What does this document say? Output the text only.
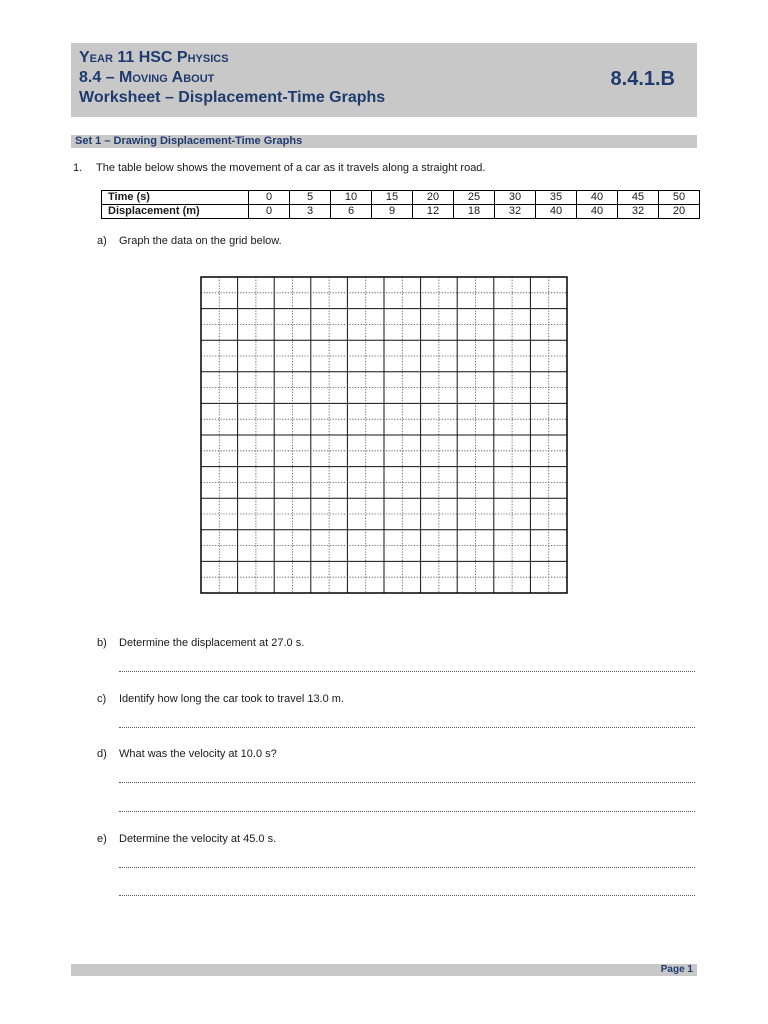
Year 11 HSC Physics
8.4 – Moving About
Worksheet – Displacement-Time Graphs
8.4.1.B
Set 1 – Drawing Displacement-Time Graphs
1. The table below shows the movement of a car as it travels along a straight road.
Time (s)	0	5	10	15	20	25	30	35	40	45	50
Displacement (m)	0	3	6	9	12	18	32	40	40	32	20
a) Graph the data on the grid below.
b) Determine the displacement at 27.0 s.
c) Identify how long the car took to travel 13.0 m.
d) What was the velocity at 10.0 s?
e) Determine the velocity at 45.0 s.
Page 1
